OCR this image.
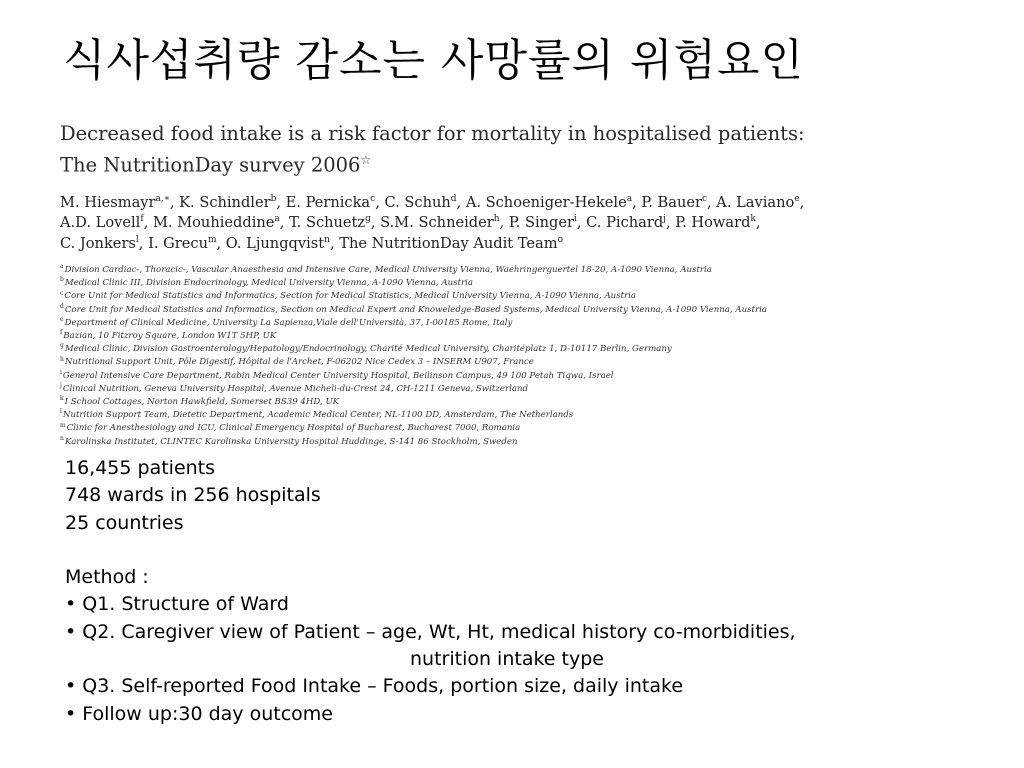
식사섭취량 감소는 사망률의 위험요인
Decreased food intake is a risk factor for mortality in hospitalised patients:
The NutritionDay survey 2006☆
M. Hiesmayr$^{a,∗}$, K. Schindler$^b$, E. Pernicka$^c$, C. Schuh$^d$, A. Schoeniger-Hekele$^a$, P. Bauer$^c$, A. Laviano$^e$,
A.D. Lovell$^f$, M. Mouhieddine$^a$, T. Schuetz$^g$, S.M. Schneider$^h$, P. Singer$^i$, C. Pichard$^j$, P. Howard$^k$,
C. Jonkers$^l$, I. Grecu$^m$, O. Ljungqvist$^n$, The NutritionDay Audit Team$^o$
$^a$Division Cardiac-, Thoracic-, Vascular Anaesthesia and Intensive Care, Medical University Vienna, Waehringerguertel 18-20, A-1090 Vienna, Austria
$^b$Medical Clinic III, Division Endocrinology, Medical University Vienna, A-1090 Vienna, Austria
$^c$Core Unit for Medical Statistics and Informatics, Section for Medical Statistics, Medical University Vienna, A-1090 Vienna, Austria
$^d$Core Unit for Medical Statistics and Informatics, Section on Medical Expert and Knoweledge-Based Systems, Medical University Vienna, A-1090 Vienna, Austria
$^e$Department of Clinical Medicine, University La Sapienza,Viale dell'Università, 37, I-00185 Rome, Italy
$^f$Bazian, 10 Fitzroy Square, London W1T 5HP, UK
$^g$Medical Clinic, Division Gastroenterology/Hepatology/Endocrinology, Charité Medical University, Charitéplatz 1, D-10117 Berlin, Germany
$^h$Nutritional Support Unit, Pôle Digestif, Hôpital de l'Archet, F-06202 Nice Cedex 3 – INSERM U907, France
$^i$General Intensive Care Department, Rabin Medical Center University Hospital, Beilinson Campus, 49 100 Petah Tiqwa, Israel
$^j$Clinical Nutrition, Geneva University Hospital, Avenue Micheli-du-Crest 24, CH-1211 Geneva, Switzerland
$^k$I School Cottages, Norton Hawkfield, Somerset BS39 4HD, UK
$^l$Nutrition Support Team, Dietetic Department, Academic Medical Center, NL-1100 DD, Amsterdam, The Netherlands
$^m$Clinic for Anesthesiology and ICU, Clinical Emergency Hospital of Bucharest, Bucharest 7000, Romania
$^n$Karolinska Institutet, CLINTEC Karolinska University Hospital Huddinge, S-141 86 Stockholm, Sweden
16,455 patients
748 wards in 256 hospitals
25 countries
Method :
• Q1. Structure of Ward
• Q2. Caregiver view of Patient – age, Wt, Ht, medical history co-morbidities,
nutrition intake type
• Q3. Self-reported Food Intake – Foods, portion size, daily intake
• Follow up:30 day outcome
